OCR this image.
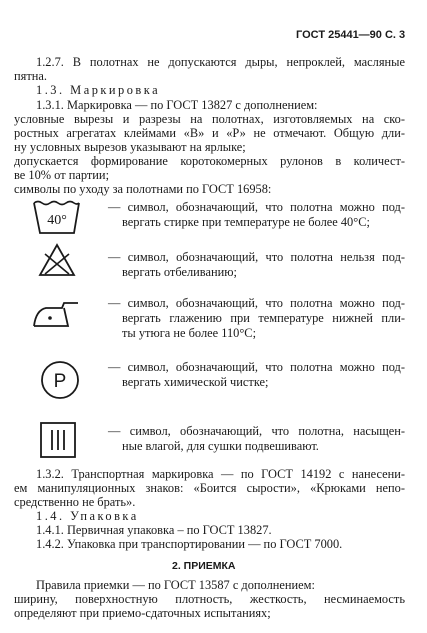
ГОСТ 25441—90 С. 3
1.2.7. В полотнах не допускаются дыры, непроклей, масляные
пятна.
1.3. Маркировка
1.3.1. Маркировка — по ГОСТ 13827 с дополнением:
условные вырезы и разрезы на полотнах, изготовляемых на ско-
ростных агрегатах клеймами «В» и «Р» не отмечают. Общую дли-
ну условных вырезов указывают на ярлыке;
допускается формирование коротокомерных рулонов в количест-
ве 10% от партии;
символы по уходу за полотнами по ГОСТ 16958:
40°
— символ, обозначающий, что полотна можно под-
вергать стирке при температуре не более 40°С;
— символ, обозначающий, что полотна нельзя под-
вергать отбеливанию;
— символ, обозначающий, что полотна можно под-
вергать глажению при температуре нижней пли-
ты утюга не более 110°С;
P
— символ, обозначающий, что полотна можно под-
вергать химической чистке;
— символ, обозначающий, что полотна, насыщен-
ные влагой, для сушки подвешивают.
1.3.2. Транспортная маркировка — по ГОСТ 14192 с нанесени-
ем манипуляционных знаков: «Боится сырости», «Крюками непо-
средственно не брать».
1.4. Упаковка
1.4.1. Первичная упаковка – по ГОСТ 13827.
1.4.2. Упаковка при транспортировании — по ГОСТ 7000.
2. ПРИЕМКА
Правила приемки — по ГОСТ 13587 с дополнением:
ширину, поверхностную плотность, жесткость, несминаемость
определяют при приемо-сдаточных испытаниях;
